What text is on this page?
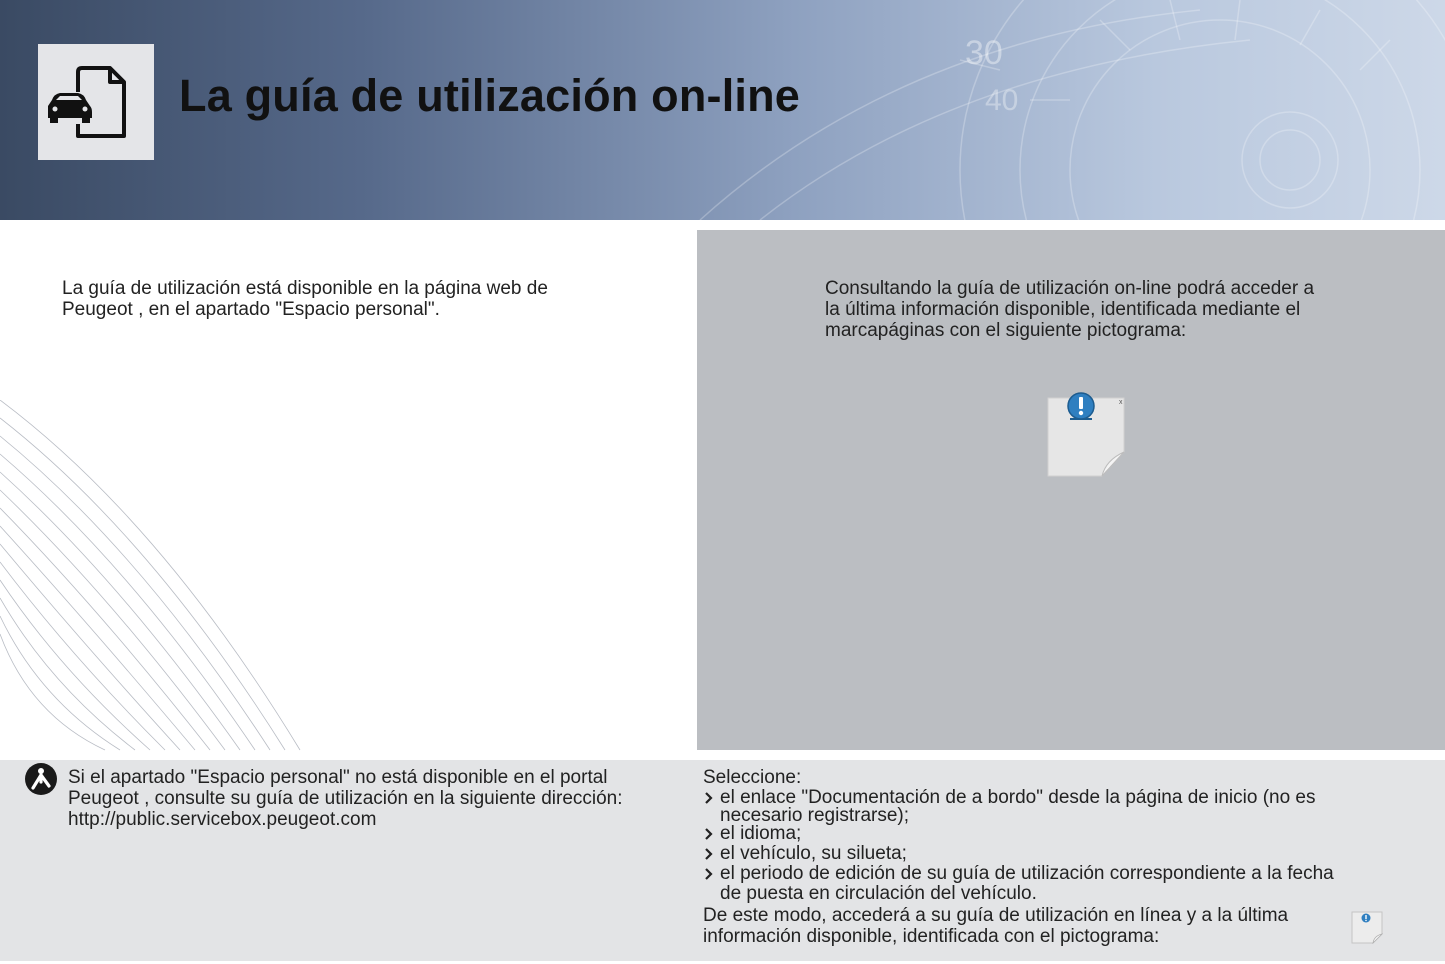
30
40
La guía de utilización on-line

La guía de utilización está disponible en la página web de
Peugeot , en el apartado "Espacio personal".

Consultando la guía de utilización on-line podrá acceder a
la última información disponible, identificada mediante el
marcapáginas con el siguiente pictograma:

x
Si el apartado "Espacio personal" no está disponible en el portal
Peugeot , consulte su guía de utilización en la siguiente dirección:
http://public.servicebox.peugeot.com
Seleccione:
el enlace "Documentación de a bordo" desde la página de inicio (no es
necesario registrarse);
el idioma;
el vehículo, su silueta;
el periodo de edición de su guía de utilización correspondiente a la fecha
de puesta en circulación del vehículo.
De este modo, accederá a su guía de utilización en línea y a la última
información disponible, identificada con el pictograma:
